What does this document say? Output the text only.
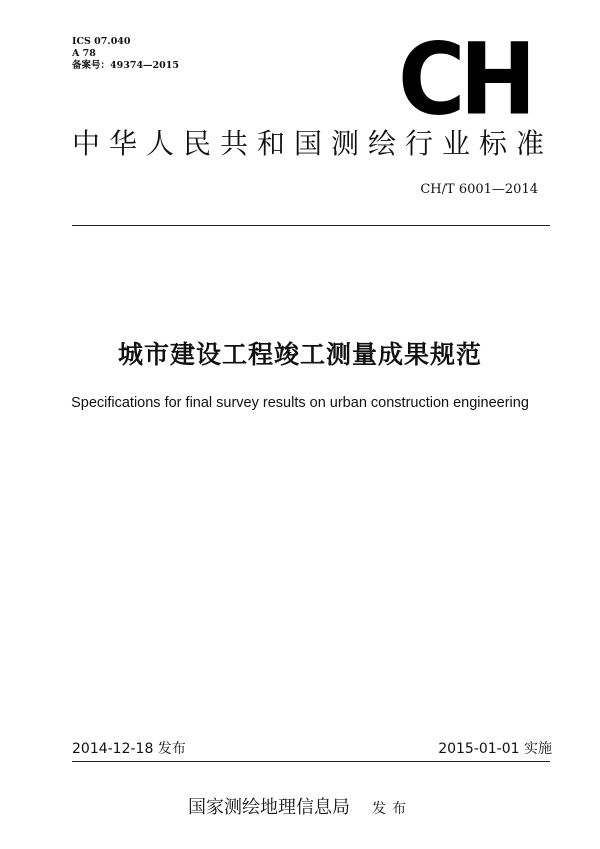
ICS 07.040
A 78
备案号：49374—2015 CH
中华人民共和国测绘行业标准
CH/T 6001—2014
城市建设工程竣工测量成果规范
Specifications for final survey results on urban construction engineering
2014-12-18 发布	2015-01-01 实施
国家测绘地理信息局 发布
